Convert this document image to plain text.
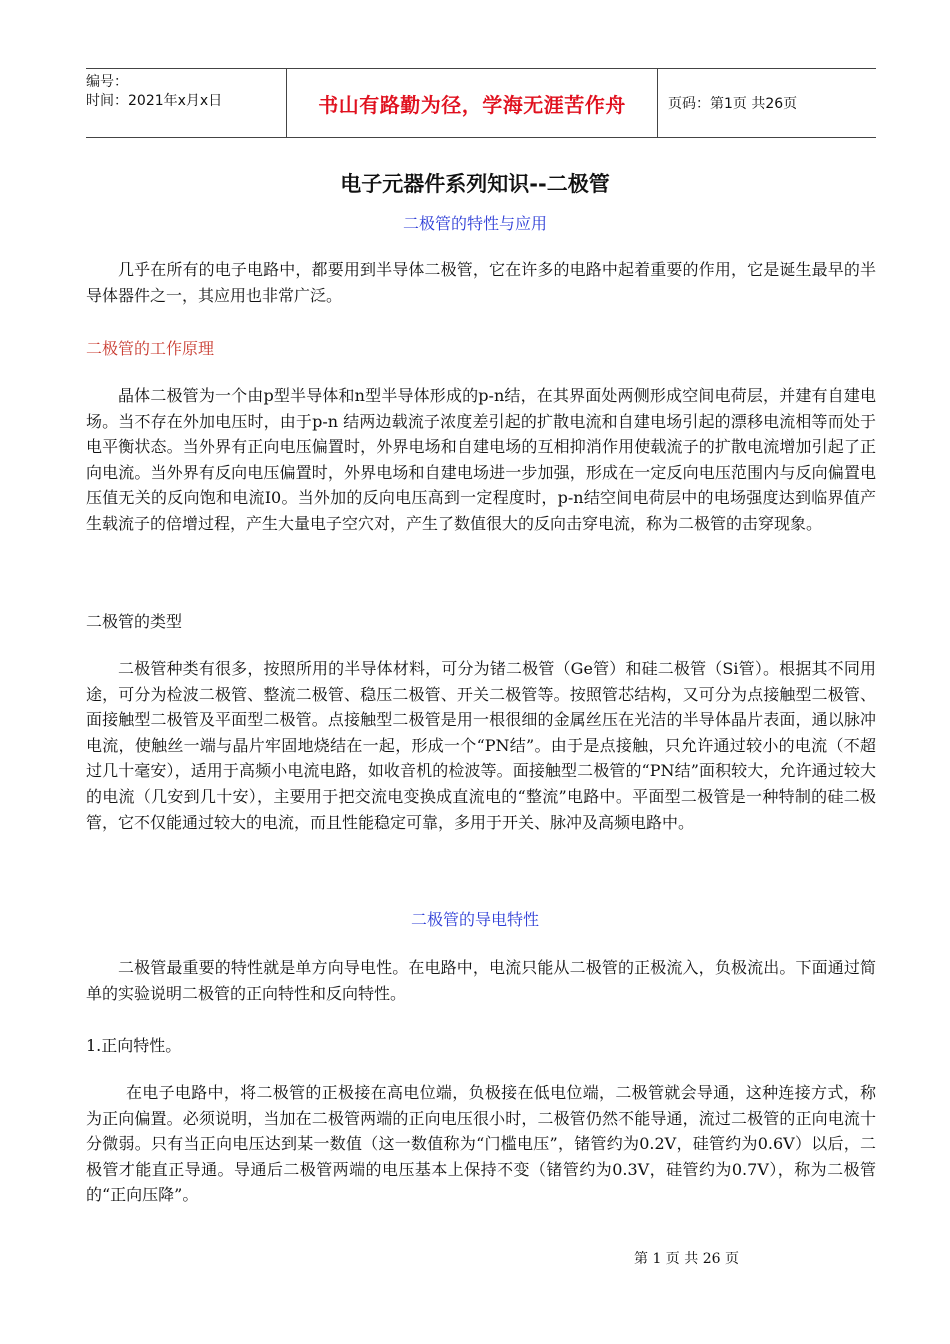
编号：
时间：2021年x月x日	书山有路勤为径，学海无涯苦作舟	页码：第1页 共26页
电子元器件系列知识--二极管
二极管的特性与应用

几乎在所有的电子电路中，都要用到半导体二极管，它在许多的电路中起着重要的作用，它是诞生最早的半导体器件之一，其应用也非常广泛。

二极管的工作原理

晶体二极管为一个由p型半导体和n型半导体形成的p-n结，在其界面处两侧形成空间电荷层，并建有自建电场。当不存在外加电压时，由于p-n 结两边载流子浓度差引起的扩散电流和自建电场引起的漂移电流相等而处于电平衡状态。当外界有正向电压偏置时，外界电场和自建电场的互相抑消作用使载流子的扩散电流增加引起了正向电流。当外界有反向电压偏置时，外界电场和自建电场进一步加强，形成在一定反向电压范围内与反向偏置电压值无关的反向饱和电流I0。当外加的反向电压高到一定程度时，p-n结空间电荷层中的电场强度达到临界值产生载流子的倍增过程，产生大量电子空穴对，产生了数值很大的反向击穿电流，称为二极管的击穿现象。

二极管的类型

二极管种类有很多，按照所用的半导体材料，可分为锗二极管（Ge管）和硅二极管（Si管）。根据其不同用途，可分为检波二极管、整流二极管、稳压二极管、开关二极管等。按照管芯结构，又可分为点接触型二极管、面接触型二极管及平面型二极管。点接触型二极管是用一根很细的金属丝压在光洁的半导体晶片表面，通以脉冲电流，使触丝一端与晶片牢固地烧结在一起，形成一个“PN结”。由于是点接触，只允许通过较小的电流（不超过几十毫安），适用于高频小电流电路，如收音机的检波等。面接触型二极管的“PN结”面积较大，允许通过较大的电流（几安到几十安），主要用于把交流电变换成直流电的“整流”电路中。平面型二极管是一种特制的硅二极管，它不仅能通过较大的电流，而且性能稳定可靠，多用于开关、脉冲及高频电路中。

二极管的导电特性

二极管最重要的特性就是单方向导电性。在电路中，电流只能从二极管的正极流入，负极流出。下面通过简单的实验说明二极管的正向特性和反向特性。

1.正向特性。

在电子电路中，将二极管的正极接在高电位端，负极接在低电位端，二极管就会导通，这种连接方式，称为正向偏置。必须说明，当加在二极管两端的正向电压很小时，二极管仍然不能导通，流过二极管的正向电流十分微弱。只有当正向电压达到某一数值（这一数值称为“门槛电压”，锗管约为0.2V，硅管约为0.6V）以后，二极管才能直正导通。导通后二极管两端的电压基本上保持不变（锗管约为0.3V，硅管约为0.7V），称为二极管的“正向压降”。

第 1 页 共 26 页
